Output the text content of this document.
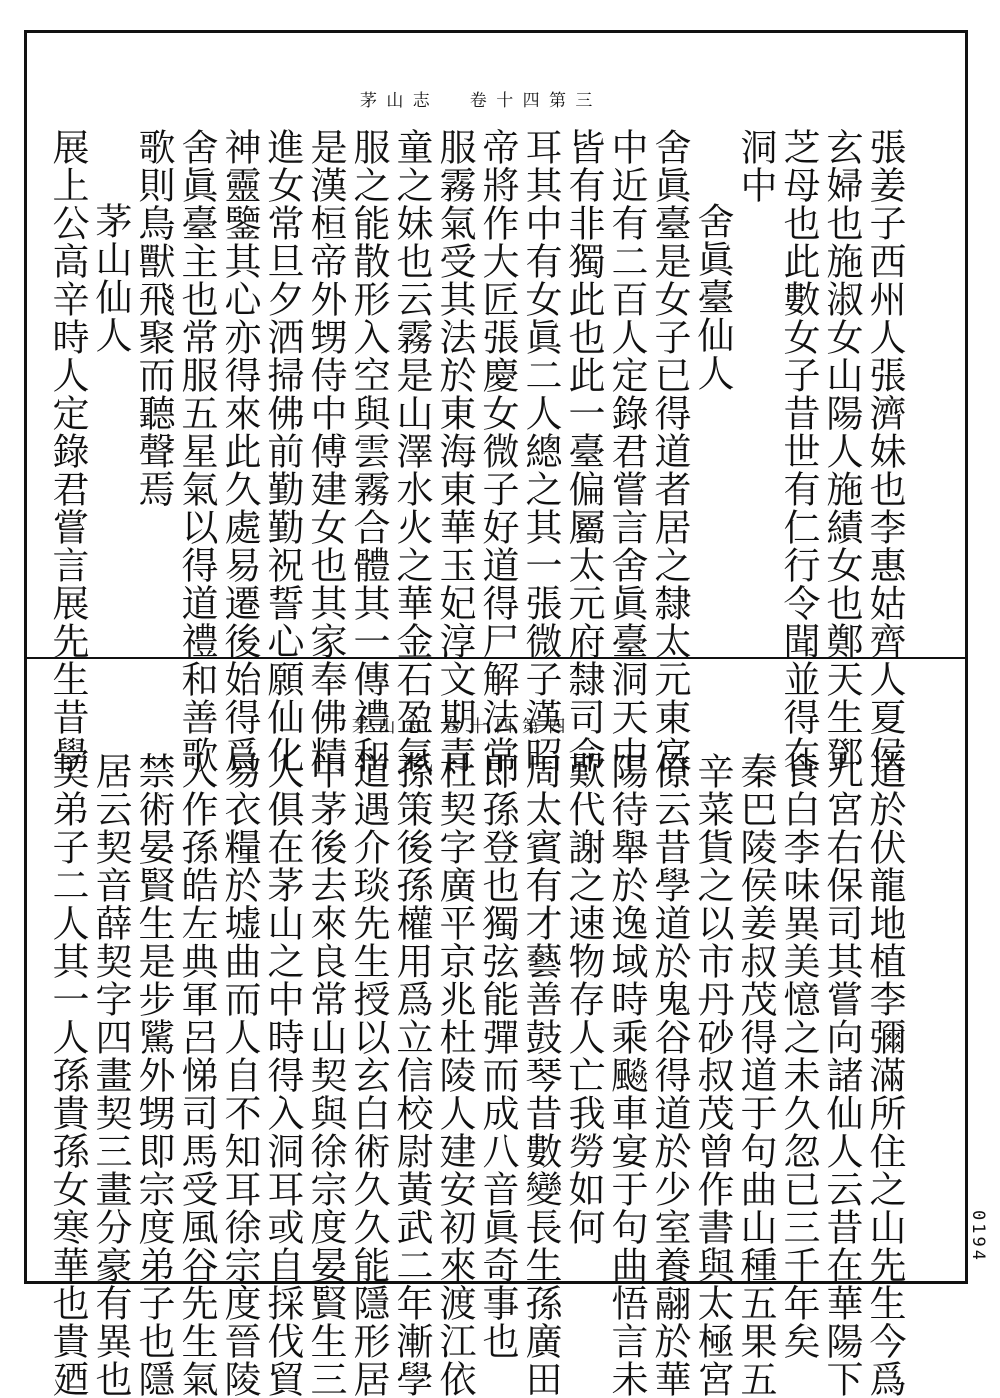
茅 山 志　　卷 十 四 第 三
茅 山 志　卷 十 四 第 四	張姜子西州人張濟妹也李惠姑齊人夏侯
玄婦也施淑女山陽人施績女也鄭天生鄧
芝母也此數女子昔世有仁行令聞並得在
洞中
舍眞臺仙人
舍眞臺是女子已得道者居之隸太元東宮
中近有二百人定錄君嘗言舍眞臺洞天中
皆有非獨此也此一臺偏屬太元府隸司命
耳其中有女眞二人總之其一張微子漢昭
帝將作大匠張慶女微子好道得尸解法常
服霧氣受其法於東海東華玉妃淳文期青
童之妹也云霧是山澤水火之華金石盈氣
服之能散形入空與雲霧合體其一傳禮和
是漢桓帝外甥侍中傅建女也其家奉佛精
進女常旦夕洒掃佛前勤勤祝誓心願仙化
神靈鑒其心亦得來此久處易遷後始得爲
舍眞臺主也常服五星氣以得道禮和善歌
歌則鳥獸飛聚而聽聲焉
茅山仙人
展上公高辛時人定錄君嘗言展先生昔學
道於伏龍地植李彌滿所住之山先生今爲
九宮右保司其嘗向諸仙人云昔在華陽下
食白李味異美憶之未久忽已三千年矣
秦巴陵侯姜叔茂得道于句曲山種五果五
辛菜貨之以市丹砂叔茂曾作書與太極宮
僚云昔學道於鬼谷得道於少室養翮於華
陽待舉於逸域時乘飈車宴于句曲悟言未
歎代謝之速物存人亡我勞如何
周太賓有才藝善鼓琴昔數變長生孫廣田
即孫登也獨弦能彈而成八音眞奇事也
杜契字廣平京兆杜陵人建安初來渡江依
孫策後孫權用爲立信校尉黃武二年漸學
道遇介琰先生授以玄白術久久能隱形居
中茅後去來良常山契與徐宗度晏賢生三
人俱在茅山之中時得入洞耳或自採伐貿
易衣糧於墟曲而人自不知耳徐宗度晉陵
人作孫皓左典軍呂悌司馬受風谷先生氣
禁術晏賢生是步騭外甥即宗度弟子也隱
居云契音薛契字四畫契三畫分豪有異也
契弟子二人其一人孫貴孫女寒華也貴廼	0194
